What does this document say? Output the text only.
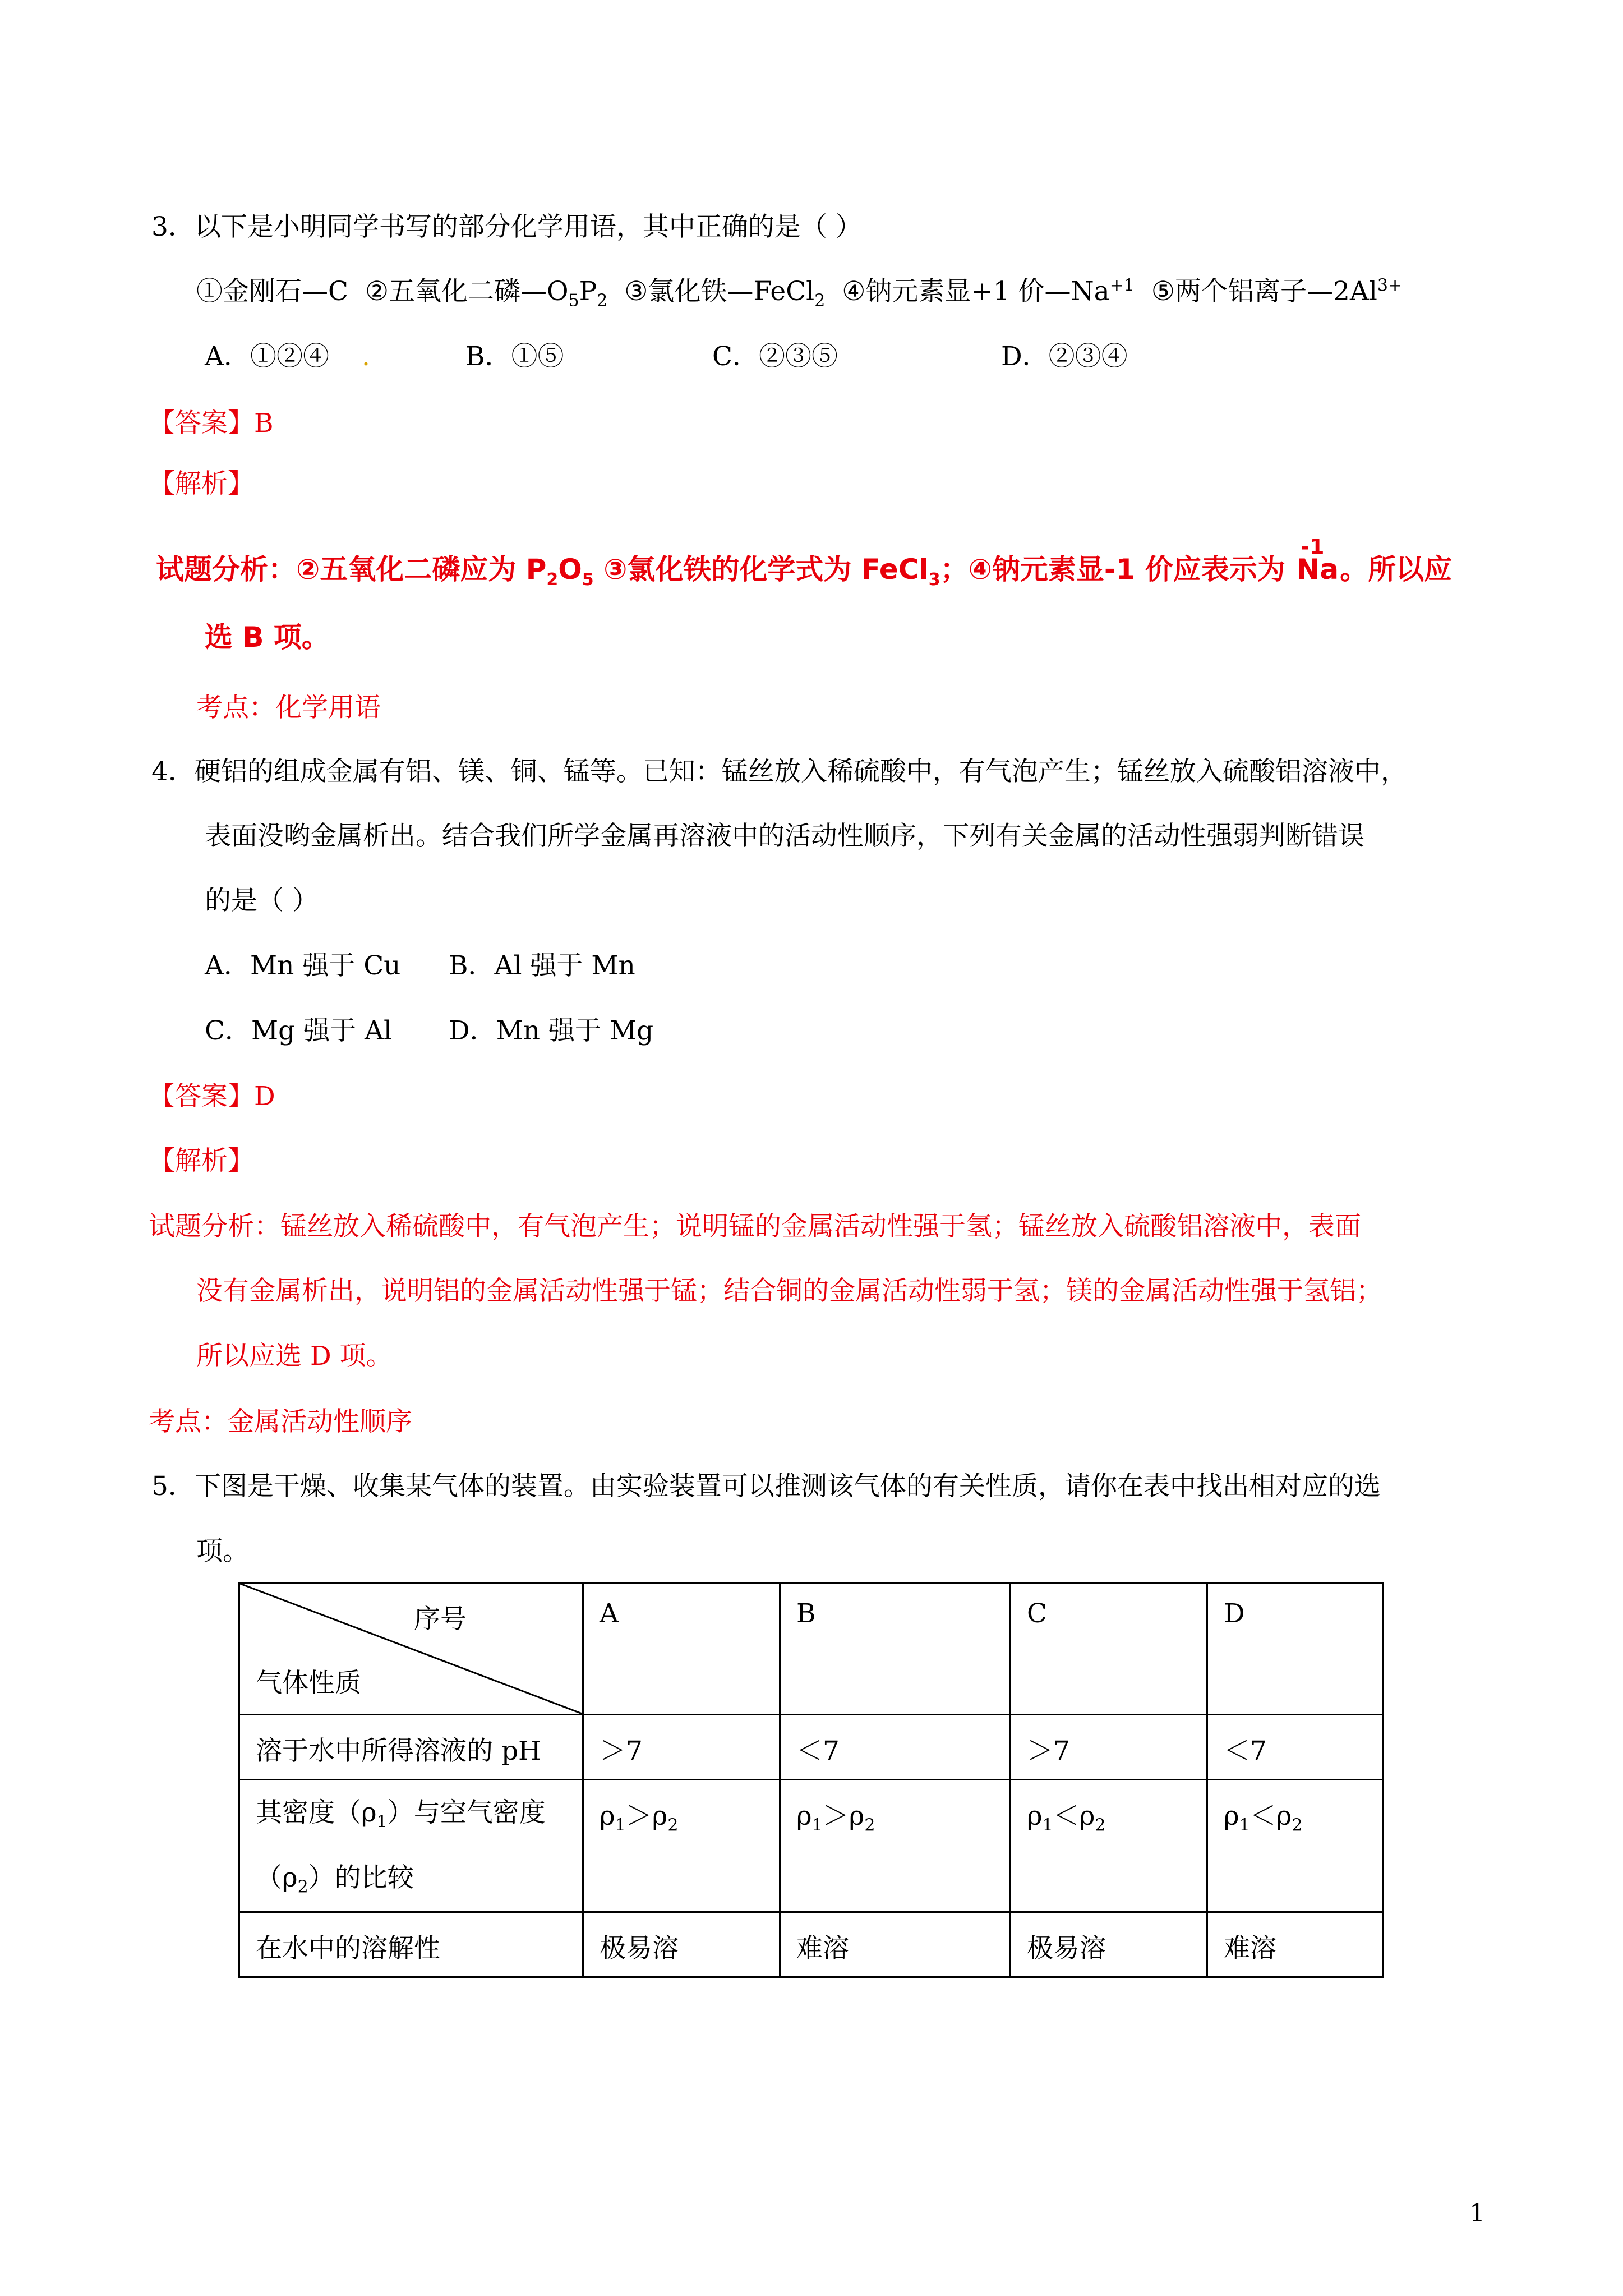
3．以下是小明同学书写的部分化学用语，其中正确的是（ ）
①金刚石—C ②五氧化二磷$—O_5P_2$ ③氯化铁—FeCl$_2$ ④钠元素显+1 价$—Na^{+1}$ ⑤两个铝离子$—2Al^{3+}$
A．①②④ .	B．①⑤	C．②③⑤	D．②③④
【答案】B
【解析】
试题分析：②五氧化二磷应为 $P_2O_5$ ③氯化铁的化学式为 FeCl$_3$；④钠元素显-1 价应表示为
-1
Na。所以应
选 B 项。
考点：化学用语
4．硬铝的组成金属有铝、镁、铜、锰等。已知：锰丝放入稀硫酸中，有气泡产生；锰丝放入硫酸铝溶液中，
表面没哟金属析出。结合我们所学金属再溶液中的活动性顺序，下列有关金属的活动性强弱判断错误
的是（ ）
A．Mn 强于 Cu B．Al 强于 Mn
C．Mg 强于 Al D．Mn 强于 Mg
【答案】D
【解析】
试题分析：锰丝放入稀硫酸中，有气泡产生；说明锰的金属活动性强于氢；锰丝放入硫酸铝溶液中，表面
没有金属析出，说明铝的金属活动性强于锰；结合铜的金属活动性弱于氢；镁的金属活动性强于氢铝；
所以应选 D 项。
考点：金属活动性顺序
5．下图是干燥、收集某气体的装置。由实验装置可以推测该气体的有关性质，请你在表中找出相对应的选
项。
序号
气体性质	A	B	C	D
溶于水中所得溶液的 pH	＞7	＜7	＞7	＜7
其密度$(\rho_1)$与空气密度
$(\rho_2)$的比较	$\rho_1>\rho_2$	$\rho_1>\rho_2$	$\rho_1<\rho_2$	$\rho_1<\rho_2$
在水中的溶解性	极易溶	难溶	极易溶	难溶
1
